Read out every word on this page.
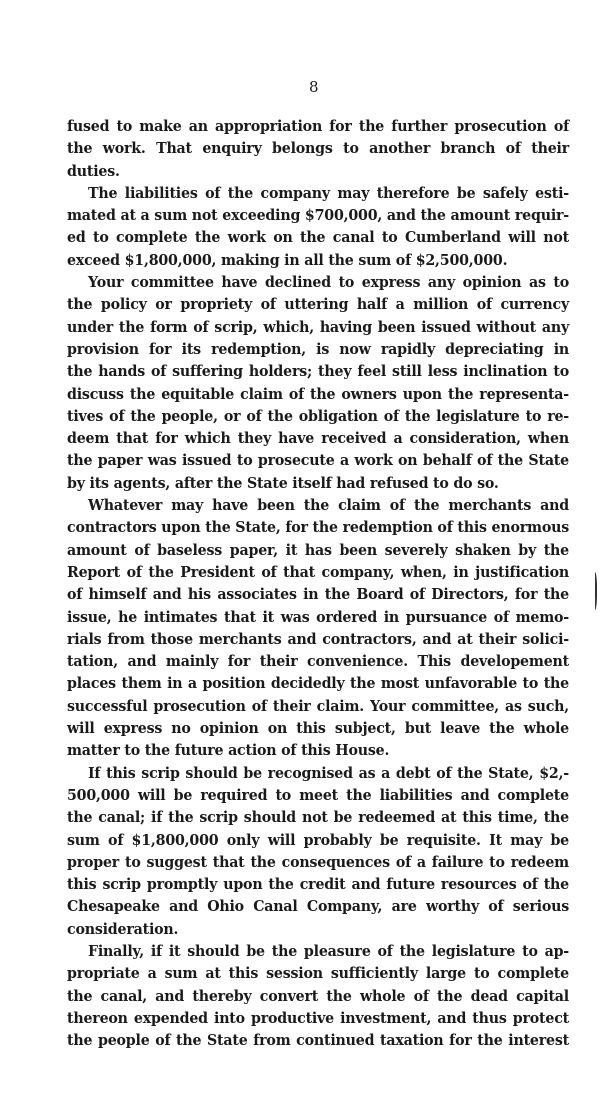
8
fused to make an appropriation for the further prosecution of
the work. That enquiry belongs to another branch of their
duties.
The liabilities of the company may therefore be safely esti-
mated at a sum not exceeding $700,000, and the amount requir-
ed to complete the work on the canal to Cumberland will not
exceed $1,800,000, making in all the sum of $2,500,000.
Your committee have declined to express any opinion as to
the policy or propriety of uttering half a million of currency
under the form of scrip, which, having been issued without any
provision for its redemption, is now rapidly depreciating in
the hands of suffering holders; they feel still less inclination to
discuss the equitable claim of the owners upon the representa-
tives of the people, or of the obligation of the legislature to re-
deem that for which they have received a consideration, when
the paper was issued to prosecute a work on behalf of the State
by its agents, after the State itself had refused to do so.
Whatever may have been the claim of the merchants and
contractors upon the State, for the redemption of this enormous
amount of baseless paper, it has been severely shaken by the
Report of the President of that company, when, in justification
of himself and his associates in the Board of Directors, for the
issue, he intimates that it was ordered in pursuance of memo-
rials from those merchants and contractors, and at their solici-
tation, and mainly for their convenience. This developement
places them in a position decidedly the most unfavorable to the
successful prosecution of their claim. Your committee, as such,
will express no opinion on this subject, but leave the whole
matter to the future action of this House.
If this scrip should be recognised as a debt of the State, $2,-
500,000 will be required to meet the liabilities and complete
the canal; if the scrip should not be redeemed at this time, the
sum of $1,800,000 only will probably be requisite. It may be
proper to suggest that the consequences of a failure to redeem
this scrip promptly upon the credit and future resources of the
Chesapeake and Ohio Canal Company, are worthy of serious
consideration.
Finally, if it should be the pleasure of the legislature to ap-
propriate a sum at this session sufficiently large to complete
the canal, and thereby convert the whole of the dead capital
thereon expended into productive investment, and thus protect
the people of the State from continued taxation for the interest
